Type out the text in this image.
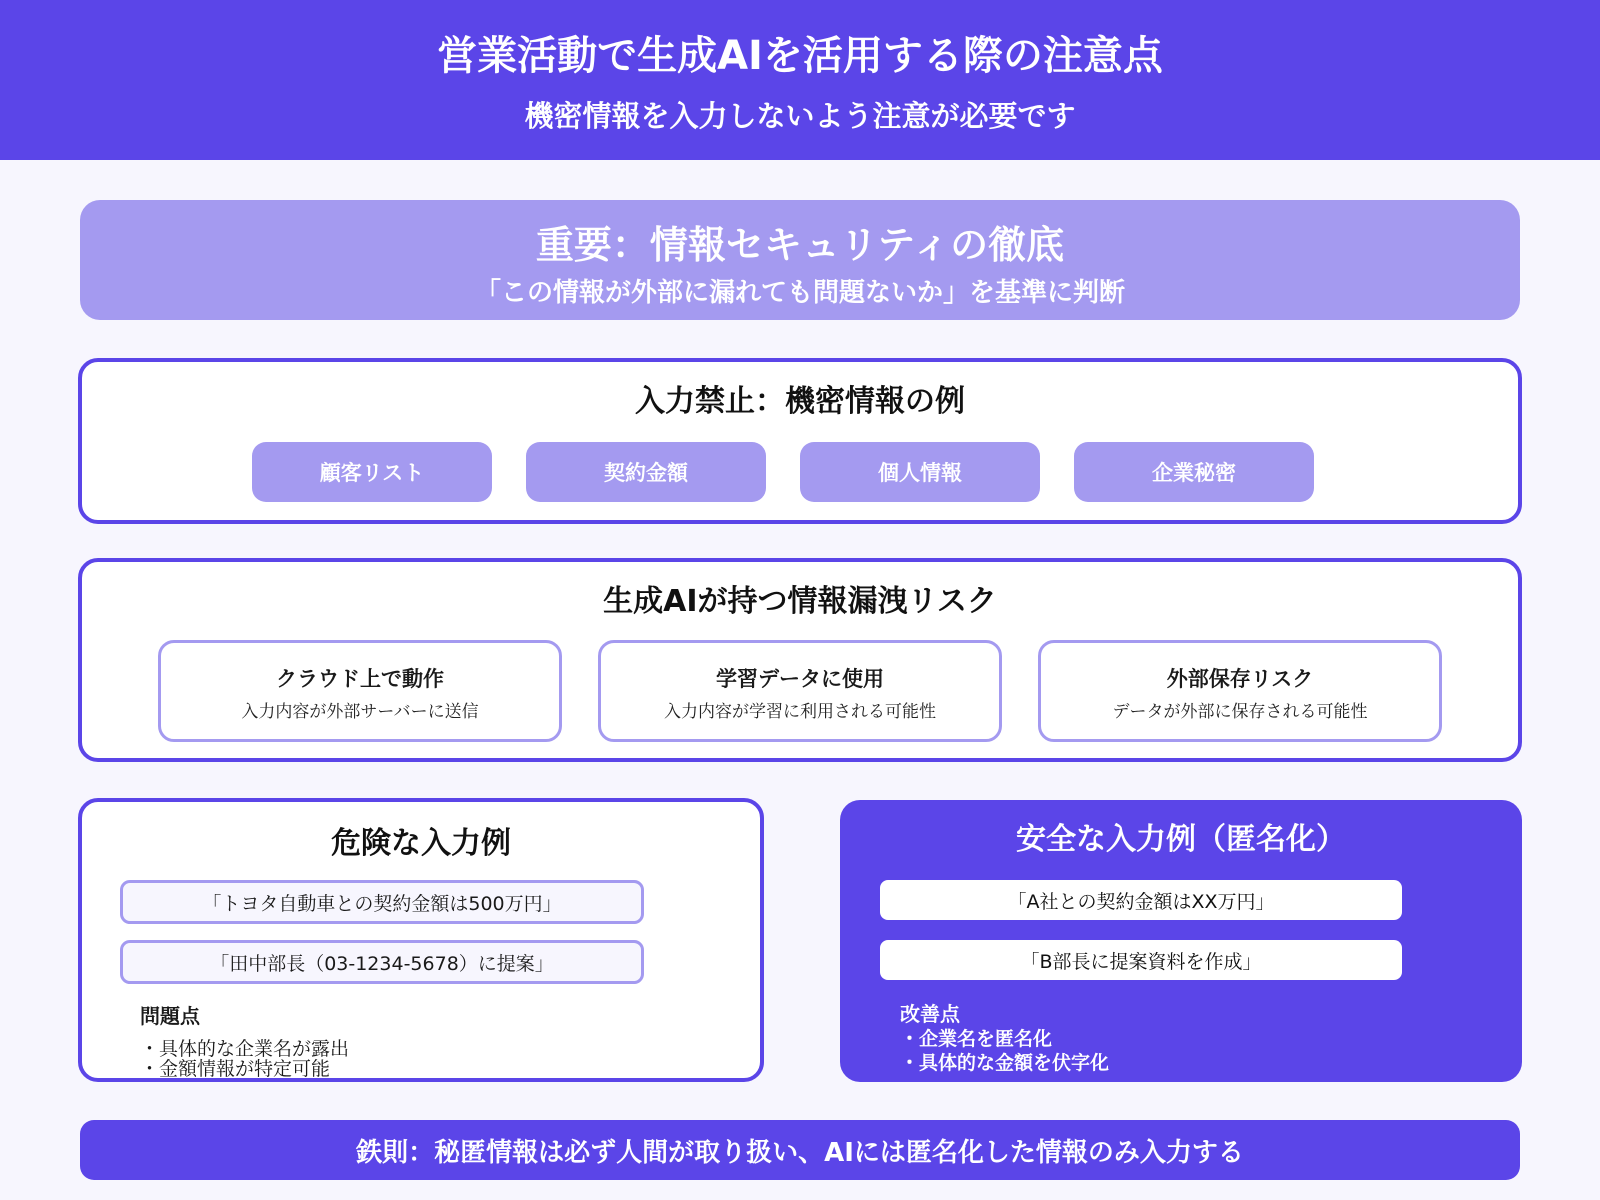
営業活動で生成AIを活用する際の注意点
機密情報を入力しないよう注意が必要です
重要：情報セキュリティの徹底
「この情報が外部に漏れても問題ないか」を基準に判断
入力禁止：機密情報の例
顧客リスト	契約金額	個人情報	企業秘密
生成AIが持つ情報漏洩リスク
クラウド上で動作
入力内容が外部サーバーに送信
学習データに使用
入力内容が学習に利用される可能性
外部保存リスク
データが外部に保存される可能性
危険な入力例
「トヨタ自動車との契約金額は500万円」
「田中部長（03-1234-5678）に提案」
問題点
・具体的な企業名が露出
・金額情報が特定可能
安全な入力例（匿名化）
「A社との契約金額はXX万円」
「B部長に提案資料を作成」
改善点
・企業名を匿名化
・具体的な金額を伏字化
鉄則：秘匿情報は必ず人間が取り扱い、AIには匿名化した情報のみ入力する
